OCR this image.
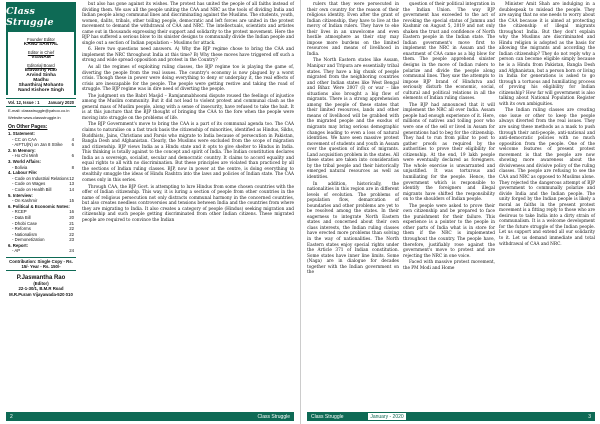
Class Struggle
Founder Editor
KANU SANYAL
Editor in Chief
VISWAM
Editorial Board
Elavarthy Rao
Arvind Sinha
Madhu
Shanthiraj Mohanto
Nand Kishore Singh
Vol. 12, Issue : 1 January 2020
E-mail: classstruggle@yahoo.co.in
Website:www.classstruggle.in
On Other Pages:
1. Statement:
- CC on CAA	4
- AIFTU(N) on Jan 8 Strike 6
2. In Memory:
- Ho Chi Minh	6
3. World Affairs:
- Bolivia	8
4. Labour File:
- Code on Industrial Relations 12
- Code on Wages	13
- Code on Health Bill	14
5. Interview:
- On Kashmir	15
6. Political & Economic Notes:
- RCEP	16
- Data Bill	20
- Dhobi Case	21
- Reforms	22
- Nationalism	22
- Demonetization	23
6. Report:
- AP	24
Contribution: Single Copy - Rs. 15/- Year - Rs. 150/-
P.Jaswantha Rao
(Editor)
22-1-30/1, B.M.R Road
M.R.Puram Vijayawada-520 010

but also has gone against its wishes. The protest has united the people of all faiths instead of dividing them. We saw all the people uniting the CAA and NRC as the tools of dividing India and Indian people along communal lines and discriminating against the Muslims. The students, youth, women, dalits, tribals, other toiling people, democratic and left forces are united in the protest movement to demand the withdrawal of CAA and NRC. The intellectuals, scientists and artistes came out in thousands expressing their support and solidarity to the protest movement. Here the BJP has suffered a serious blow to its sinister designs to communally divide the Indian people and single out a section of Indian population – Muslims for attack.

6. Here two questions need answers. A) Why the BJP regime chose to bring the CAA and implement the NRC throughout India at this time? B) Why these moves have triggered off such a strong and wide spread opposition and protest in the Country?

As all the regimes of exploiting ruling classes, the BJP regime too is playing the game of, diverting the people from the real issues. The country's economy is now plagued by a worst crisis. Though these in power were doing everything to deny or underplay it, the real effects of crisis are inescapable for the people. The people were getting restive and taking the road of struggle. The BJP regime was in dire need of diverting the people.

The judgment on the Babri Masjid – Ramjanmabhoomi dispute roused the feelings of injustice among the Muslim community. But it did not lead to violent protest and communal clash as the general mass of Muslim people, along with a sense of insecurity, have refused to take the bait. It is at this juncture that the BJP thought of bringing the CAA to the fore when the people were moving into struggle on the problems of life.

The BJP Government's move to bring the CAA is a part of its communal agenda too. The CAA claims to naturalise on a fast track basis the citizenship of minorities, identified as Hindus, Sikhs, Buddhists, Jains, Christians and Parsis who migrate to India because of persecution in Pakistan, Bangla Desh and Afghanistan. Clearly, the Muslims were excluded from the scope of migration and citizenship. BJP views India as a Hindu state and it opts to give shelter to Hindus in India. This thinking is totally against to the concept and spirit of India. The Indian constitution declares India as a sovereign, socialist, secular and democratic country. It claims to accord equality and equal rights to all with no discrimination. But these principles are violated than practiced by all the sections of Indian ruling classes. BJP, now in power at the centre, is doing everything to stealthily smuggle the ideas of Hindu Rashtra into the laws and policies of Indian state. The CAA comes only in this series.

Through CAA, the BJP Govt. is attempting to lure Hindus from some chosen countries with the offer of Indian citizenship. This way, it is luring a section of people from other countries in the name of religious persecution not only distracts communal harmony in the concerned countries, but also creates needless controversies and tensions between India and the countries from where they are migrating to India. It also creates a category of people (Hindus) seeking migration and citizenship and such people getting discriminated from other Indian citizens. These migrated people are required to convince the Indian

2	Class Struggle

rulers that they were persecuted in their own country for the reason of their religious identity. Even after the grant of Indian citizenship, they have to live at the mercy of Indian rulers. They have to eke their lives in an unwelcome and even hostile atmosphere as their stay may impose more burdens on the limited resources and means of livelihood in India.

The North Eastern states like Assam, Manipur and Tripura are essentially tribal states. They have a big chunk of people migrated from the neighboring countries and other Indian states like West Bengal and Bihar. Were 2007 (I) or war – like situations also brought a big flow of migrants. There is a strong apprehension among the people of these states that their limited resources, lands and other means of livelihood will be grabbed with the migrated people and the exodus of migrants may bring serious demographic changes leading to even a loss of natural identities. We have seen massive protest movement of students and youth in Assam over the question of influx of migrants. Land acquisition problem in the states. All these states are taken into consideration by the tribal people and their historically emerged natural resources as well as identities.

In addition, historically, the nationalities in this region are in different levels of evolution. The problems of population flow, demarcation of boundaries and other problems are yet to be resolved among the states. In their eagerness to integrate North Eastern states and concerned about their own class interests, the Indian ruling classes have erected more problems than solving in the way of nationalities. The North Eastern states enjoy special rights under the Article 371 of Indian constitution. Some states have inner line limits. Some (Naga) are in dialogue for decades together with the Indian government on the

question of their political integration in the Indian Union. The way BJP government has exceeded to the act of revoking the special status of Jammu and Kashmir on August 5, 2019 and not only shaken the trust and confidence of North Eastern people in the Indian state. The Indian government's move first to implement the NRC in Assam and the enactment of CAA came as a big blow for them. The people apprehend sinister designs in the move of Indian rulers to polarize and divide the people along communal lines. They saw the attempts to impose BJP brand of Hindutva and seriously disturb the economic, social, cultural and political relations in all the elements of Indian ruling classes.

The BJP had announced that it will implement the NRC all over India. Assam people had enough experience of it. Here, millions of natives and toiling poor who were one of the sell or lived in Assam for generations had to beg for the citizenship. They had to run from pillar to post to gather proofs as required by the authorities to prove their eligibility for citizenship. At the end, 19 lakh people were eventually declared as foreigners. The whole exercise is unwarranted and unjustified. It was torturous and humiliating for the people. Hence, the government which is responsible to identify the foreigners and illegal migrants have shifted the responsibility on to the shoulders of Indian people.

The people were asked to prove their own citizenship and be prepared to face the punishment for their failure. This experience is a pointer to the people in other parts of India what is in store for them if the NRC is implemented throughout the country. The people have, therefore, justifiably rose against the government's move to protest and are rejecting the NRC in one voice.

Faced with massive protest movement, the PM Modi and Home

Minister Amit Shah are indulging in a doublespeak to mislead the people. They are saying that no one needs to worry about the CAA because it is aimed at protecting the citizenship of illegal migrants throughout India. But they don't explain why the Muslims are discriminated and Hindu religion is adopted as the basis for allowing the migrants and according the Indian citizenship? They do not reply why a person can become eligible simply because he is a Hindu from Pakistan, Bangla Desh and Afghanistan, but a person born or living in India for generations is asked to go through a tortuous and humiliating process of proving his eligibility for Indian citizenship? How far will government is also talking about National Population Register with its own ambiguities.

The Indian ruling classes are creating one issue or other to keep the people always diverted from the real issues. They are using these methods as a mask to push through their anti-people, anti-national and anti-democratic policies with no much opposition from the people. One of the welcome features of present protest movement is that the people are now showing more awareness about the divisiveness and divisive policy of the ruling classes. The people are refusing to see the CAA and NRC as opposed to Muslims alone. They rejected the dangerous attempt of BJP government to communally polarize and divide India and the Indian people. The unity forged by the Indian people is likely a moral as faiths in the present protest movement is a fitting reply to those who are desirous to take India into a dirty strain of communalism. It is a welcome development for the future struggle of the Indian people. Let us support and extend all our solidarity to it. Let us demand immediate and total withdrawal of CAA and NRC.

Class Struggle	3
January - 2020
